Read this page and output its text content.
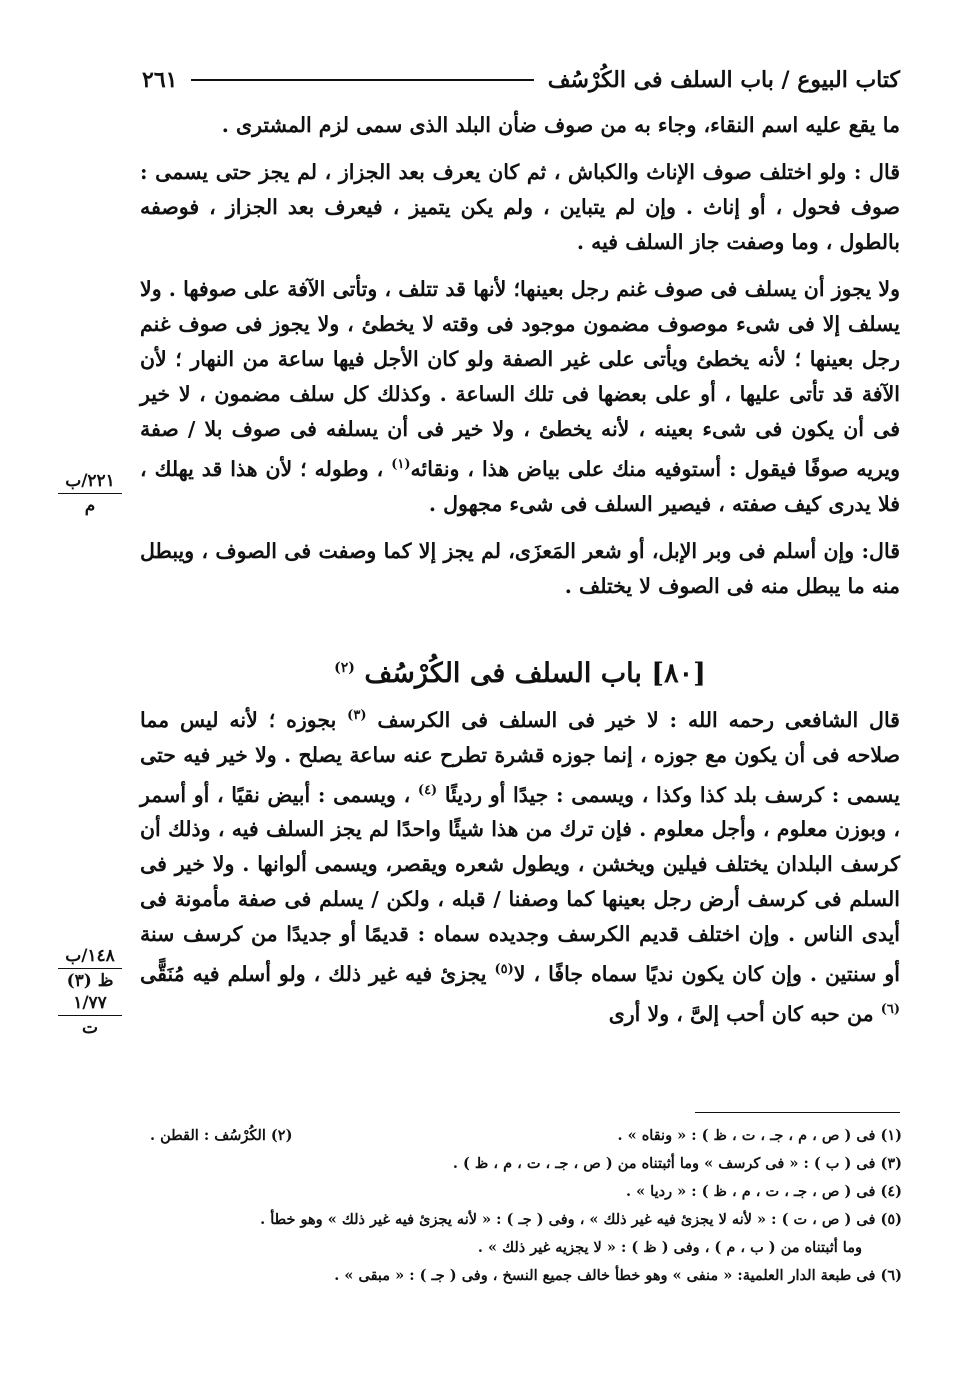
كتاب البيوع / باب السلف فى الكُرْسُف
٢٦١

ما يقع عليه اسم النقاء، وجاء به من صوف ضأن البلد الذى سمى لزم المشترى .

قال : ولو اختلف صوف الإناث والكباش ، ثم كان يعرف بعد الجزاز ، لم يجز حتى يسمى : صوف فحول ، أو إناث . وإن لم يتباين ، ولم يكن يتميز ، فيعرف بعد الجزاز ، فوصفه بالطول ، وما وصفت جاز السلف فيه .

ولا يجوز أن يسلف فى صوف غنم رجل بعينها؛ لأنها قد تتلف ، وتأتى الآفة على صوفها . ولا يسلف إلا فى شىء موصوف مضمون موجود فى وقته لا يخطئ ، ولا يجوز فى صوف غنم رجل بعينها ؛ لأنه يخطئ ويأتى على غير الصفة ولو كان الأجل فيها ساعة من النهار ؛ لأن الآفة قد تأتى عليها ، أو على بعضها فى تلك الساعة . وكذلك كل سلف مضمون ، لا خير فى أن يكون فى شىء بعينه ، لأنه يخطئ ، ولا خير فى أن يسلفه فى صوف بلا / صفة ويريه صوفًا فيقول : أستوفيه منك على بياض هذا ، ونقائه$^{(١)}$ ، وطوله ؛ لأن هذا قد يهلك ، فلا يدرى كيف صفته ، فيصير السلف فى شىء مجهول .

قال: وإن أسلم فى وبر الإبل، أو شعر المَعزَى، لم يجز إلا كما وصفت فى الصوف ، ويبطل منه ما يبطل منه فى الصوف لا يختلف .

[٨٠] باب السلف فى الكُرْسُف $^{(٢)}$

قال الشافعى رحمه الله : لا خير فى السلف فى الكرسف $^{(٣)}$ بجوزه ؛ لأنه ليس مما صلاحه فى أن يكون مع جوزه ، إنما جوزه قشرة تطرح عنه ساعة يصلح . ولا خير فيه حتى يسمى : كرسف بلد كذا وكذا ، ويسمى : جيدًا أو رديئًا $^{(٤)}$ ، ويسمى : أبيض نقيًا ، أو أسمر ، وبوزن معلوم ، وأجل معلوم . فإن ترك من هذا شيئًا واحدًا لم يجز السلف فيه ، وذلك أن كرسف البلدان يختلف فيلين ويخشن ، ويطول شعره ويقصر، ويسمى ألوانها . ولا خير فى السلم فى كرسف أرض رجل بعينها كما وصفنا / قبله ، ولكن / يسلم فى صفة مأمونة فى أيدى الناس . وإن اختلف قديم الكرسف وجديده سماه : قديمًا أو جديدًا من كرسف سنة أو سنتين . وإن كان يكون نديًا سماه جافًا ، لا$^{(٥)}$ يجزئ فيه غير ذلك ، ولو أسلم فيه مُنَقًّى $^{(٦)}$ من حبه كان أحب إلىَّ ، ولا أرى

٢٢١/ب
م
١٤٨/ب
ظ (٣)
١/٧٧
ت
(١) فى ( ص ، م ، جـ ، ت ، ظ ) : « ونقاه » .
(٢) الكُرْسُف : القطن .
(٣) فى ( ب ) : « فى كرسف » وما أثبتناه من ( ص ، جـ ، ت ، م ، ظ ) .
(٤) فى ( ص ، جـ ، ت ، م ، ظ ) : « رديا » .
(٥) فى ( ص ، ت ) : « لأنه لا يجزئ فيه غير ذلك » ، وفى ( جـ ) : « لأنه يجزئ فيه غير ذلك » وهو خطأ .
وما أثبتناه من ( ب ، م ) ، وفى ( ظ ) : « لا يجزيه غير ذلك » .
(٦) فى طبعة الدار العلمية: « منفى » وهو خطأ خالف جميع النسخ ، وفى ( جـ ) : « مبقى » .
